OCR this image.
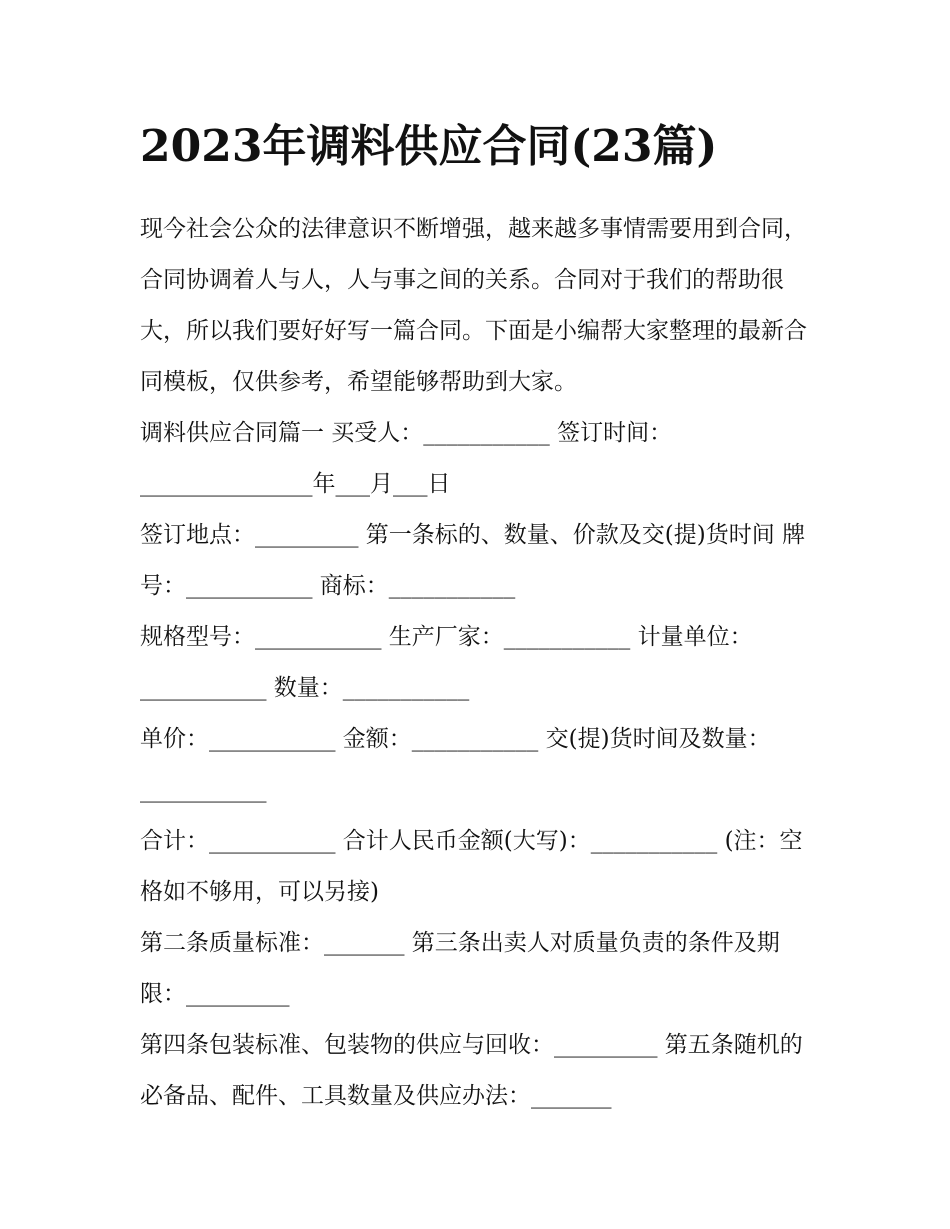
2023年调料供应合同(23篇)

现今社会公众的法律意识不断增强，越来越多事情需要用到合同，合同协调着人与人，人与事之间的关系。合同对于我们的帮助很大，所以我们要好好写一篇合同。下面是小编帮大家整理的最新合同模板，仅供参考，希望能够帮助到大家。

调料供应合同篇一 买受人：___________ 签订时间：_______________年___月___日

签订地点：_________ 第一条标的、数量、价款及交(提)货时间 牌号：___________ 商标：___________

规格型号：___________ 生产厂家：___________ 计量单位：___________ 数量：___________

单价：___________ 金额：___________ 交(提)货时间及数量：___________

合计：___________ 合计人民币金额(大写)：___________ (注：空格如不够用，可以另接)

第二条质量标准：_______ 第三条出卖人对质量负责的条件及期限：_________

第四条包装标准、包装物的供应与回收：_________ 第五条随机的必备品、配件、工具数量及供应办法：_______
